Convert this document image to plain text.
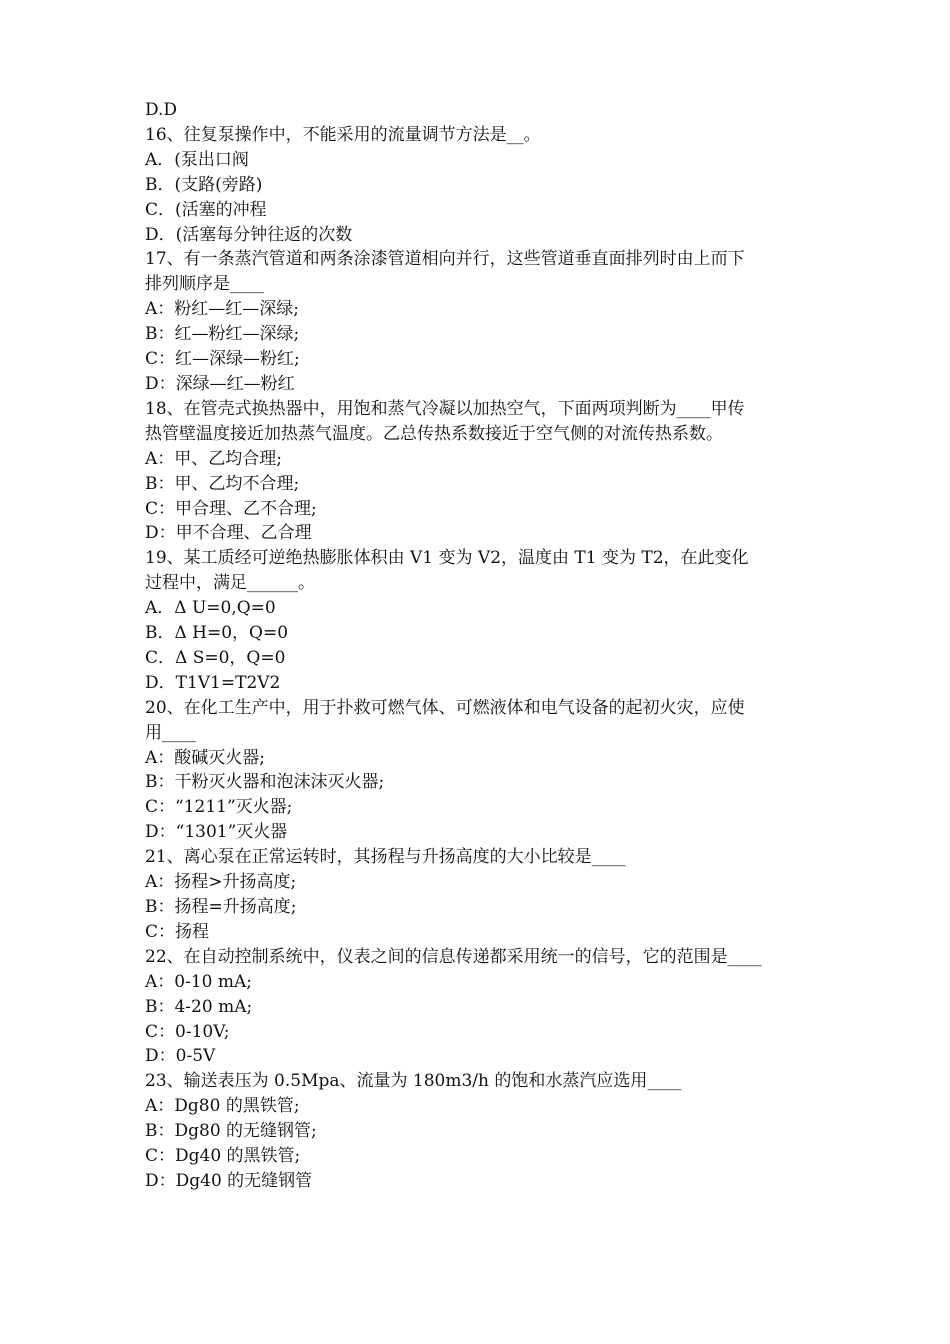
D.D

16、往复泵操作中，不能采用的流量调节方法是__。

A．(泵出口阀

B．(支路(旁路)

C．(活塞的冲程

D．(活塞每分钟往返的次数

17、有一条蒸汽管道和两条涂漆管道相向并行，这些管道垂直面排列时由上而下

排列顺序是____

A：粉红—红—深绿;

B：红—粉红—深绿;

C：红—深绿—粉红;

D：深绿—红—粉红

18、在管壳式换热器中，用饱和蒸气冷凝以加热空气，下面两项判断为____甲传

热管壁温度接近加热蒸气温度。乙总传热系数接近于空气侧的对流传热系数。

A：甲、乙均合理;

B：甲、乙均不合理;

C：甲合理、乙不合理;

D：甲不合理、乙合理

19、某工质经可逆绝热膨胀体积由 V1 变为 V2，温度由 T1 变为 T2，在此变化

过程中，满足______。

A．Δ U=0,Q=0

B．Δ H=0，Q=0

C．Δ S=0，Q=0

D．T1V1=T2V2

20、在化工生产中，用于扑救可燃气体、可燃液体和电气设备的起初火灾，应使

用____

A：酸碱灭火器;

B：干粉灭火器和泡沫沫灭火器;

C：“1211”灭火器;

D：“1301”灭火器

21、离心泵在正常运转时，其扬程与升扬高度的大小比较是____

A：扬程>升扬高度;

B：扬程=升扬高度;

C：扬程

22、在自动控制系统中，仪表之间的信息传递都采用统一的信号，它的范围是____

A：0-10 mA;

B：4-20 mA;

C：0-10V;

D：0-5V

23、输送表压为 0.5Mpa、流量为 180m3/h 的饱和水蒸汽应选用____

A：Dg80 的黑铁管;

B：Dg80 的无缝钢管;

C：Dg40 的黑铁管;

D：Dg40 的无缝钢管
